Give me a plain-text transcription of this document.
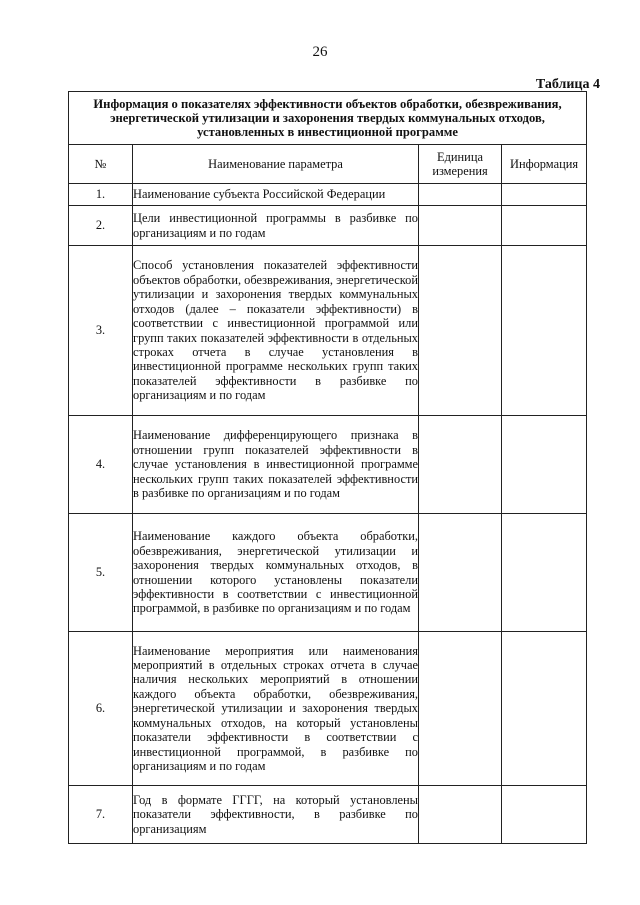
26
Таблица 4
Информация о показателях эффективности объектов обработки, обезвреживания, энергетической утилизации и захоронения твердых коммунальных отходов, установленных в инвестиционной программе			
№	Наименование параметра	Единица измерения	Информация
1.	Наименование субъекта Российской Федерации		
2.	Цели инвестиционной программы в разбивке по организациям и по годам		
3.	Способ установления показателей эффективности объектов обработки, обезвреживания, энергетической утилизации и захоронения твердых коммунальных отходов (далее – показатели эффективности) в соответствии с инвестиционной программой или групп таких показателей эффективности в отдельных строках отчета в случае установления в инвестиционной программе нескольких групп таких показателей эффективности в разбивке по организациям и по годам		
4.	Наименование дифференцирующего признака в отношении групп показателей эффективности в случае установления в инвестиционной программе нескольких групп таких показателей эффективности в разбивке по организациям и по годам		
5.	Наименование каждого объекта обработки, обезвреживания, энергетической утилизации и захоронения твердых коммунальных отходов, в отношении которого установлены показатели эффективности в соответствии с инвестиционной программой, в разбивке по организациям и по годам		
6.	Наименование мероприятия или наименования мероприятий в отдельных строках отчета в случае наличия нескольких мероприятий в отношении каждого объекта обработки, обезвреживания, энергетической утилизации и захоронения твердых коммунальных отходов, на который установлены показатели эффективности в соответствии с инвестиционной программой, в разбивке по организациям и по годам		
7.	Год в формате ГГГГ, на который установлены показатели эффективности, в разбивке по организациям		
